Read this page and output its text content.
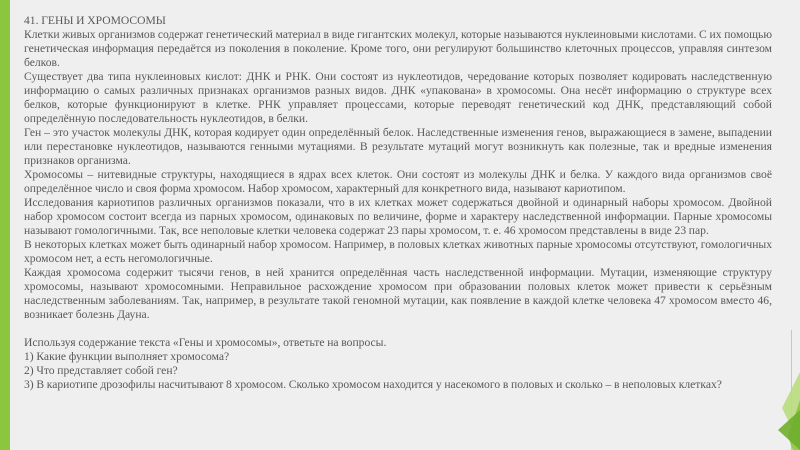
41. ГЕНЫ И ХРОМОСОМЫ

Клетки живых организмов содержат генетический материал в виде гигантских молекул, которые называются нуклеиновыми кислотами. С их помощью генетическая информация передаётся из поколения в поколение. Кроме того, они регулируют большинство клеточных процессов, управляя синтезом белков.

Существует два типа нуклеиновых кислот: ДНК и РНК. Они состоят из нуклеотидов, чередование которых позволяет кодировать наследственную информацию о самых различных признаках организмов разных видов. ДНК «упакована» в хромосомы. Она несёт информацию о структуре всех белков, которые функционируют в клетке. РНК управляет процессами, которые переводят генетический код ДНК, представляющий собой определённую последовательность нуклеотидов, в белки.

Ген – это участок молекулы ДНК, которая кодирует один определённый белок. Наследственные изменения генов, выражающиеся в замене, выпадении или перестановке нуклеотидов, называются генными мутациями. В результате мутаций могут возникнуть как полезные, так и вредные изменения признаков организма.

Хромосомы – нитевидные структуры, находящиеся в ядрах всех клеток. Они состоят из молекулы ДНК и белка. У каждого вида организмов своё определённое число и своя форма хромосом. Набор хромосом, характерный для конкретного вида, называют кариотипом.

Исследования кариотипов различных организмов показали, что в их клетках может содержаться двойной и одинарный наборы хромосом. Двойной набор хромосом состоит всегда из парных хромосом, одинаковых по величине, форме и характеру наследственной информации. Парные хромосомы называют гомологичными. Так, все неполовые клетки человека содержат 23 пары хромосом, т. е. 46 хромосом представлены в виде 23 пар.

В некоторых клетках может быть одинарный набор хромосом. Например, в половых клетках животных парные хромосомы отсутствуют, гомологичных хромосом нет, а есть негомологичные.

Каждая хромосома содержит тысячи генов, в ней хранится определённая часть наследственной информации. Мутации, изменяющие структуру хромосомы, называют хромосомными. Неправильное расхождение хромосом при образовании половых клеток может привести к серьёзным наследственным заболеваниям. Так, например, в результате такой геномной мутации, как появление в каждой клетке человека 47 хромосом вместо 46, возникает болезнь Дауна.

Используя содержание текста «Гены и хромосомы», ответьте на вопросы.

1) Какие функции выполняет хромосома?

2) Что представляет собой ген?

3) В кариотипе дрозофилы насчитывают 8 хромосом. Сколько хромосом находится у насекомого в половых и сколько – в неполовых клетках?
